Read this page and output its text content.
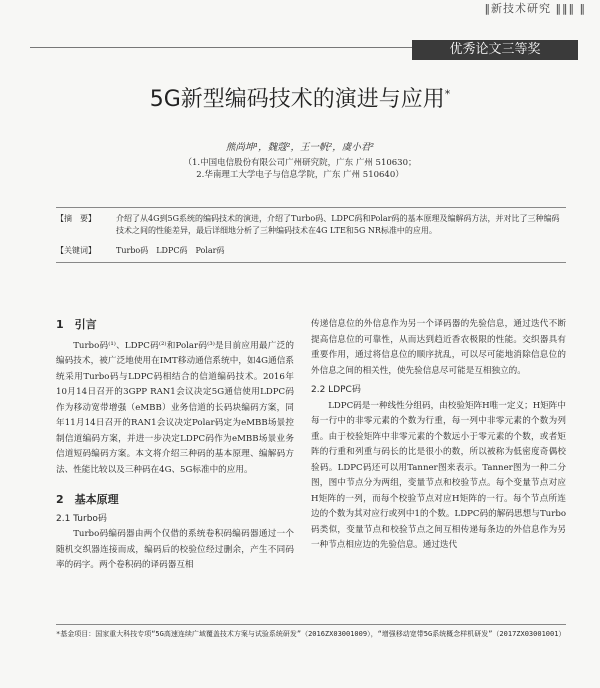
‖新技术研究 ‖‖‖ ‖
优秀论文三等奖
5G新型编码技术的演进与应用*
熊尚坤¹，魏蔻²，王一帆²，虞小君²
（1.中国电信股份有限公司广州研究院，广东 广州 510630；
2.华南理工大学电子与信息学院，广东 广州 510640）
【摘　要】	介绍了从4G到5G系统的编码技术的演进，介绍了Turbo码、LDPC码和Polar码的基本原理及编解码方法，并对比了三种编码技术之间的性能差异，最后详细地分析了三种编码技术在4G LTE和5G NR标准中的应用。
【关键词】	Turbo码　LDPC码　Polar码
1　引言

Turbo码⁽¹⁾、LDPC码⁽²⁾和Polar码⁽³⁾是目前应用最广泛的编码技术，被广泛地使用在IMT移动通信系统中，如4G通信系统采用Turbo码与LDPC码相结合的信道编码技术。2016年10月14日召开的3GPP RAN1会议决定5G通信使用LDPC码作为移动宽带增强（eMBB）业务信道的长码块编码方案，同年11月14日召开的RAN1会议决定Polar码定为eMBB场景控制信道编码方案，并进一步决定LDPC码作为eMBB场景业务信道短码编码方案。本文将介绍三种码的基本原理、编解码方法、性能比较以及三种码在4G、5G标准中的应用。

2　基本原理
2.1 Turbo码

Turbo码编码器由两个仅借的系统卷积码编码器通过一个随机交织器连接而成，编码后的校验位经过删余，产生不同码率的码字。两个卷积码的译码器互相

传递信息位的外信息作为另一个译码器的先验信息，通过迭代不断提高信息位的可靠性，从而达到趋近香农极限的性能。交织器具有重要作用，通过将信息位的顺序扰乱，可以尽可能地消除信息位的外信息之间的相关性，使先验信息尽可能是互相独立的。

2.2 LDPC码

LDPC码是一种线性分组码，由校验矩阵H唯一定义；H矩阵中每一行中的非零元素的个数为行重，每一列中非零元素的个数为列重。由于校验矩阵中非零元素的个数远小于零元素的个数，或者矩阵的行重和列重与码长的比是很小的数，所以被称为低密度奇偶校验码。LDPC码还可以用Tanner图来表示。Tanner图为一种二分图，图中节点分为两组，变量节点和校验节点。每个变量节点对应H矩阵的一列，而每个校验节点对应H矩阵的一行。每个节点所连边的个数为其对应行或列中1的个数。LDPC码的解码思想与Turbo码类似，变量节点和校验节点之间互相传递每条边的外信息作为另一种节点相应边的先验信息。通过迭代

*基金项目：国家重大科技专项“5G高速连续广域覆盖技术方案与试验系统研发”（2016ZX03001009），“增强移动宽带5G系统概念样机研发”（2017ZX03001001）
